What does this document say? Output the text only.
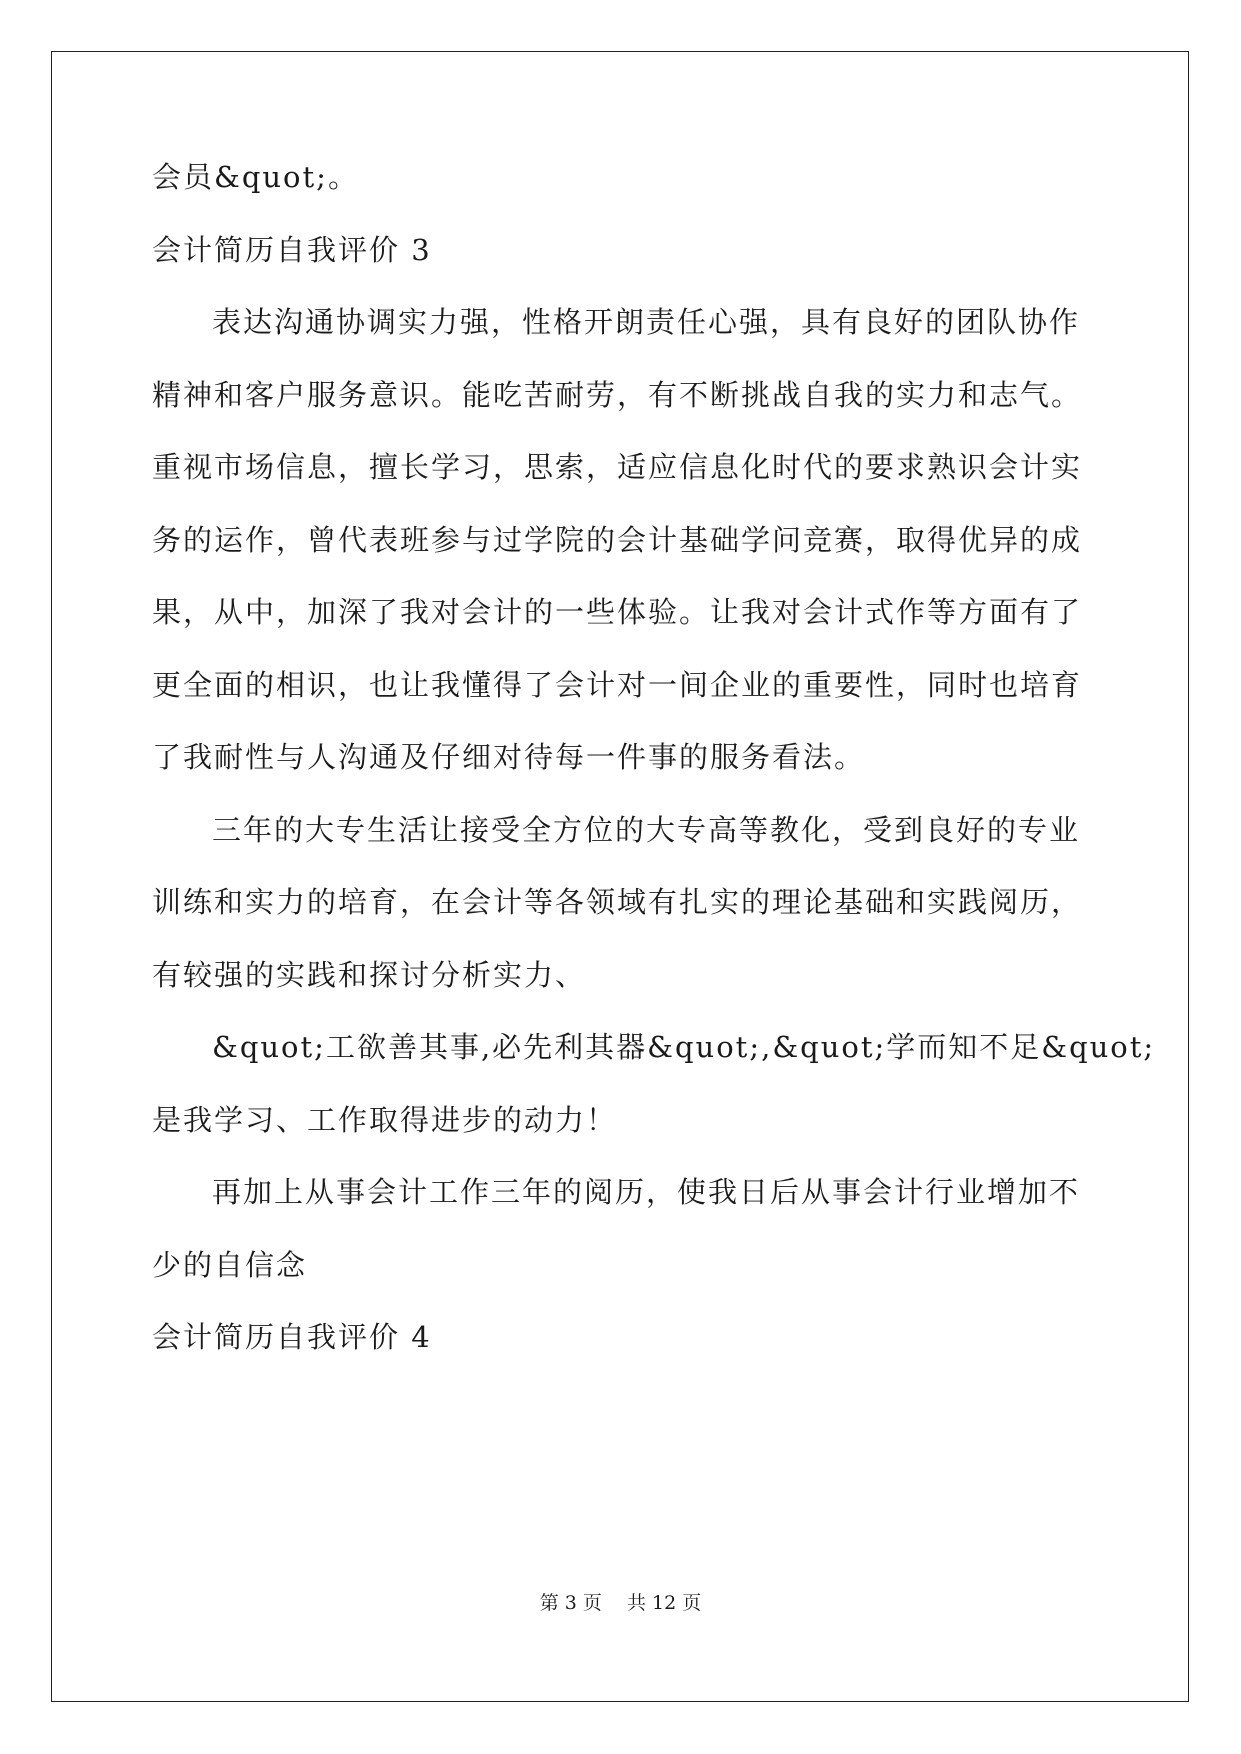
会员&quot;。
会计简历自我评价 3
表达沟通协调实力强，性格开朗责任心强，具有良好的团队协作
精神和客户服务意识。能吃苦耐劳，有不断挑战自我的实力和志气。
重视市场信息，擅长学习，思索，适应信息化时代的要求熟识会计实
务的运作，曾代表班参与过学院的会计基础学问竞赛，取得优异的成
果，从中，加深了我对会计的一些体验。让我对会计式作等方面有了
更全面的相识，也让我懂得了会计对一间企业的重要性，同时也培育
了我耐性与人沟通及仔细对待每一件事的服务看法。
三年的大专生活让接受全方位的大专高等教化，受到良好的专业
训练和实力的培育，在会计等各领域有扎实的理论基础和实践阅历，
有较强的实践和探讨分析实力、
&quot;工欲善其事,必先利其器&quot;,&quot;学而知不足&quot;
是我学习、工作取得进步的动力！
再加上从事会计工作三年的阅历，使我日后从事会计行业增加不
少的自信念
会计简历自我评价 4
第 3 页　 共 12 页
